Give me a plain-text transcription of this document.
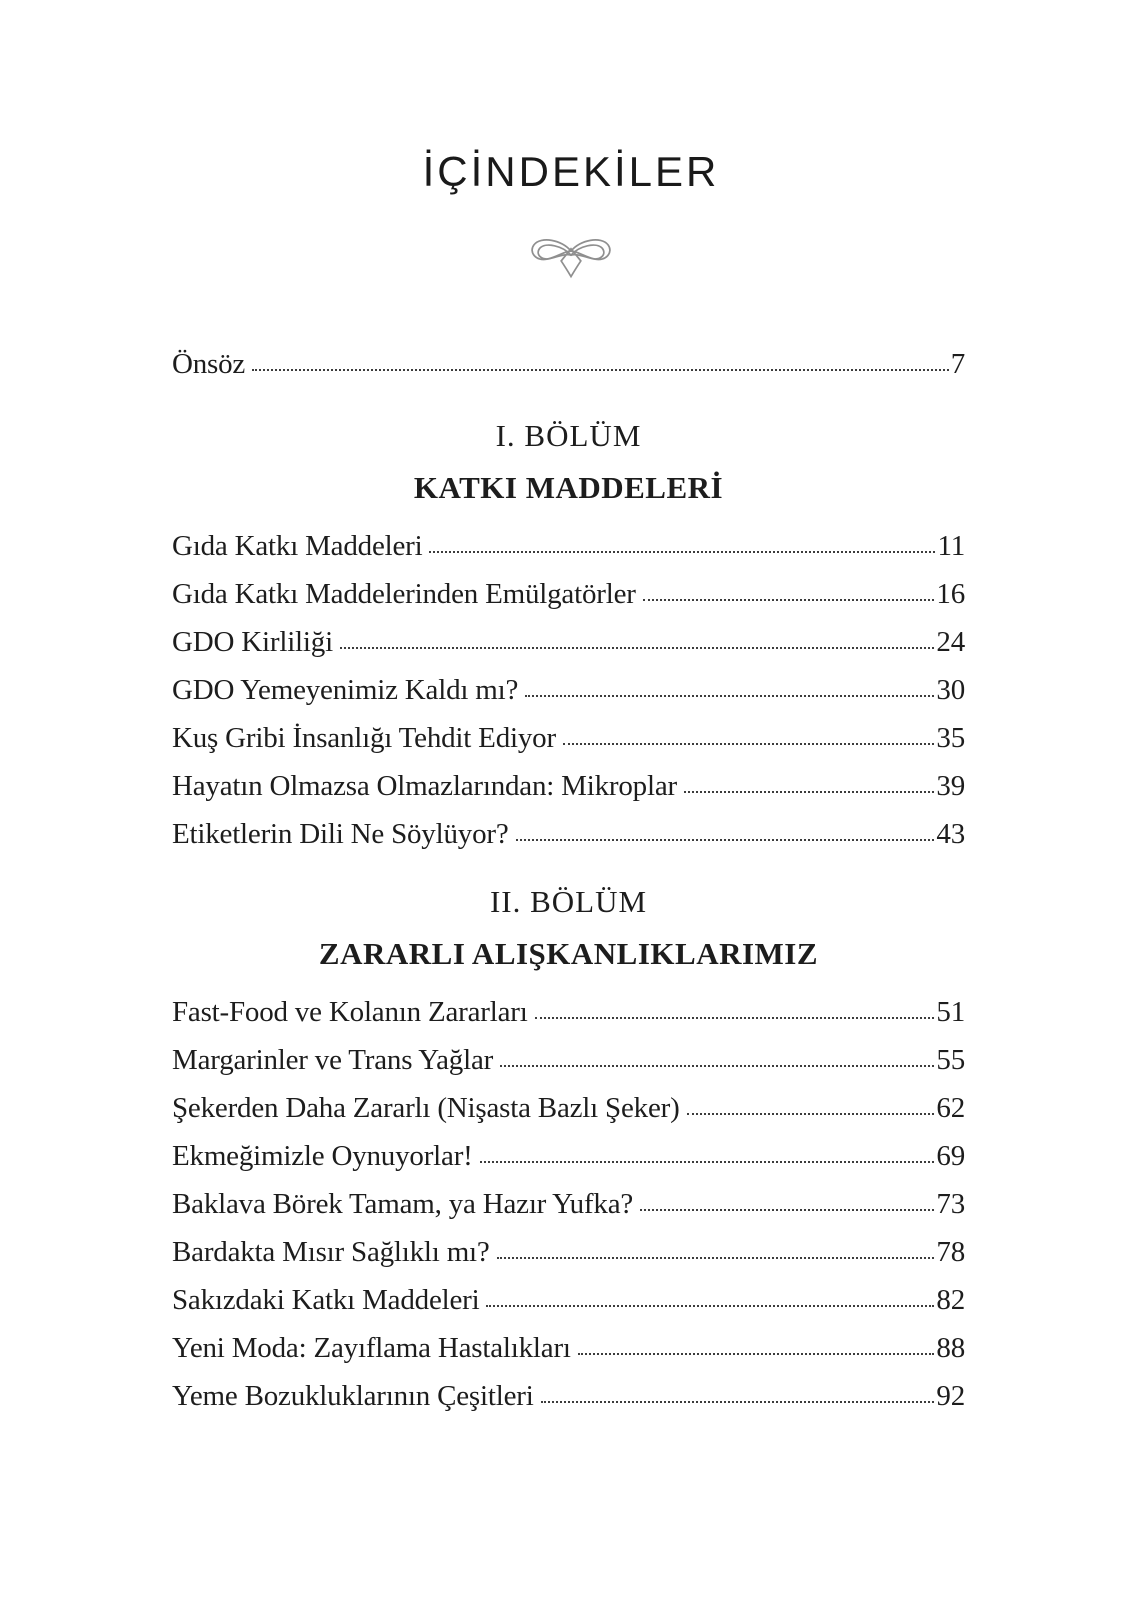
İÇİNDEKİLER
Önsöz	7
I. BÖLÜM
KATKI MADDELERİ
Gıda Katkı Maddeleri	11
Gıda Katkı Maddelerinden Emülgatörler	16
GDO Kirliliği	24
GDO Yemeyenimiz Kaldı mı?	30
Kuş Gribi İnsanlığı Tehdit Ediyor	35
Hayatın Olmazsa Olmazlarından: Mikroplar	39
Etiketlerin Dili Ne Söylüyor?	43
II. BÖLÜM
ZARARLI ALIŞKANLIKLARIMIZ
Fast-Food ve Kolanın Zararları	51
Margarinler ve Trans Yağlar	55
Şekerden Daha Zararlı (Nişasta Bazlı Şeker)	62
Ekmeğimizle Oynuyorlar!	69
Baklava Börek Tamam, ya Hazır Yufka?	73
Bardakta Mısır Sağlıklı mı?	78
Sakızdaki Katkı Maddeleri	82
Yeni Moda: Zayıflama Hastalıkları	88
Yeme Bozukluklarının Çeşitleri	92
